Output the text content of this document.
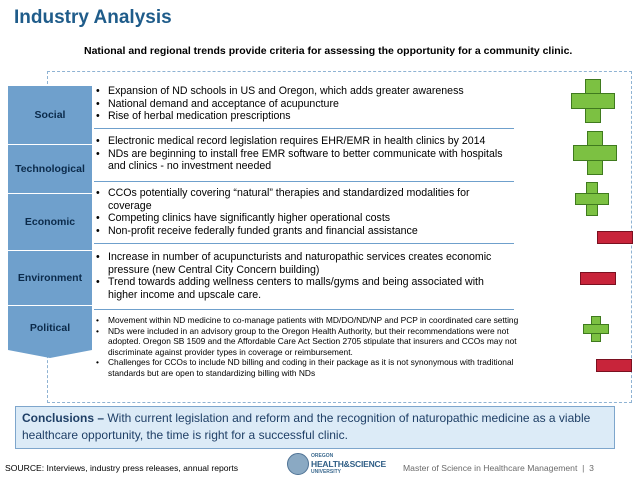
Industry Analysis
National and regional trends provide criteria for assessing the opportunity for a community clinic.
Social
Technological
Economic
Environment
Political
• Expansion of ND schools in US and Oregon, which adds greater awareness
• National demand and acceptance of acupuncture
• Rise of herbal medication prescriptions
• Electronic medical record legislation requires EHR/EMR in health clinics by 2014
• NDs are beginning to install free EMR software to better communicate with hospitals and clinics - no investment needed
• CCOs potentially covering “natural” therapies and standardized modalities for coverage
• Competing clinics have significantly higher operational costs
• Non-profit receive federally funded grants and financial assistance
• Increase in number of acupuncturists and naturopathic services creates economic pressure (new Central City Concern building)
• Trend towards adding wellness centers to malls/gyms and being associated with higher income and upscale care.
• Movement within ND medicine to co-manage patients with MD/DO/ND/NP and PCP in coordinated care setting
• NDs were included in an advisory group to the Oregon Health Authority, but their recommendations were not adopted. Oregon SB 1509 and the Affordable Care Act Section 2705 stipulate that insurers and CCOs may not discriminate against provider types in coverage or reimbursement.
• Challenges for CCOs to include ND billing and coding in their package as it is not synonymous with traditional standards but are open to standardizing billing with NDs
Conclusions – With current legislation and reform and the recognition of naturopathic medicine as a viable healthcare opportunity, the time is right for a successful clinic.
SOURCE: Interviews, industry press releases, annual reports
OREGON
HEALTH&SCIENCE
UNIVERSITY	Master of Science in Healthcare Management | 3
